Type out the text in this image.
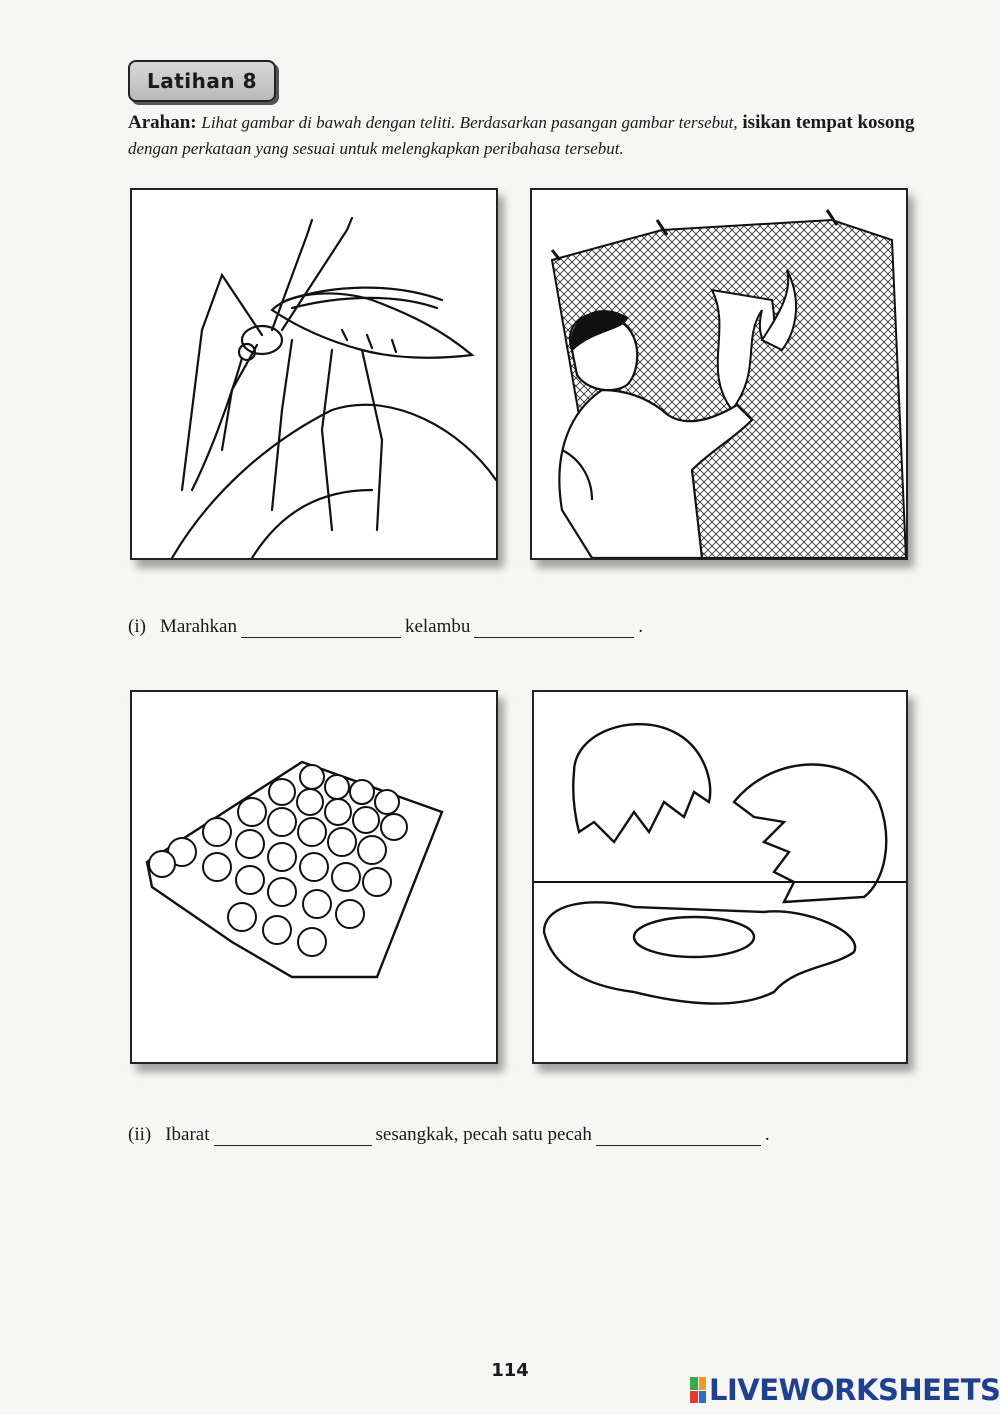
Latihan 8
Arahan: Lihat gambar di bawah dengan teliti. Berdasarkan pasangan gambar tersebut, isikan tempat kosong dengan perkataan yang sesuai untuk melengkapkan peribahasa tersebut.
(i) Marahkan	kelambu	.
(ii) Ibarat	sesangkak, pecah satu pecah	.
114
LIVEWORKSHEETS
